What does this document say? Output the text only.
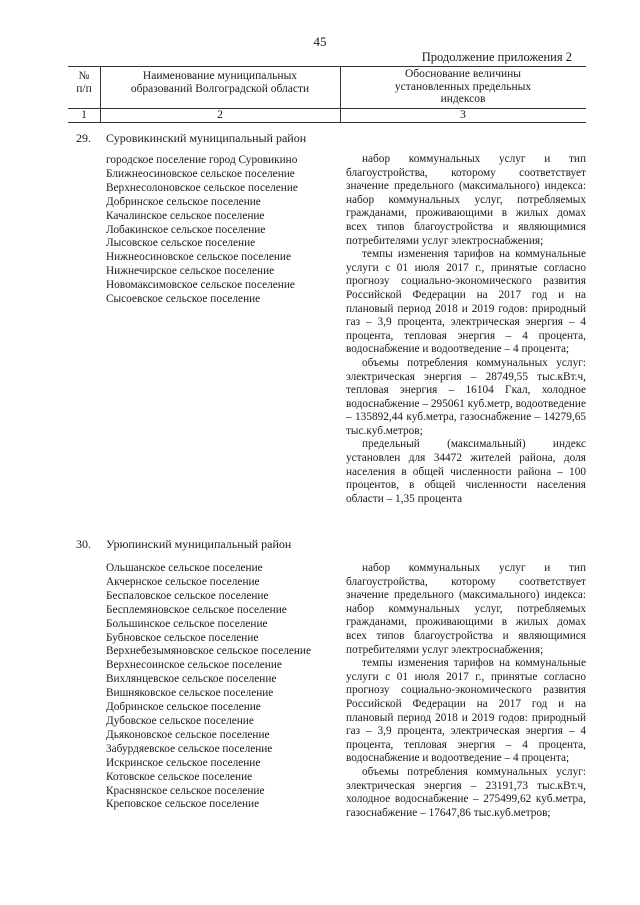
45
Продолжение приложения 2
№
п/п
Наименование муниципальных
образований Волгоградской области
Обоснование величины
установленных предельных
индексов
1	2	3
29. Суровикинский муниципальный район
городское поселение город Суровикино
Ближнеосиновское сельское поселение
Верхнесолоновское сельское поселение
Добринское сельское поселение
Качалинское сельское поселение
Лобакинское сельское поселение
Лысовское сельское поселение
Нижнеосиновское сельское поселение
Нижнечирское сельское поселение
Новомаксимовское сельское поселение
Сысоевское сельское поселение

набор коммунальных услуг и тип благоустройства, которому соответствует значение предельного (максимального) индекса: набор коммунальных услуг, потребляемых гражданами, проживающими в жилых домах всех типов благоустройства и являющимися потребителями услуг электроснабжения;

темпы изменения тарифов на коммунальные услуги с 01 июля 2017 г., принятые согласно прогнозу социально-экономического развития Российской Федерации на 2017 год и на плановый период 2018 и 2019 годов: природный газ – 3,9 процента, электрическая энергия – 4 процента, тепловая энергия – 4 процента, водоснабжение и водоотведение – 4 процента;

объемы потребления коммунальных услуг: электрическая энергия – 28749,55 тыс.кВт.ч, тепловая энергия – 16104 Гкал, холодное водоснабжение – 295061 куб.метр, водоотведение – 135892,44 куб.метра, газоснабжение – 14279,65 тыс.куб.метров;

предельный (максимальный) индекс установлен для 34472 жителей района, доля населения в общей численности района – 100 процентов, в общей численности населения области – 1,35 процента

30. Урюпинский муниципальный район
Ольшанское сельское поселение
Акчернское сельское поселение
Беспаловское сельское поселение
Бесплемяновское сельское поселение
Большинское сельское поселение
Бубновское сельское поселение
Верхнебезымяновское сельское поселение
Верхнесоинское сельское поселение
Вихлянцевское сельское поселение
Вишняковское сельское поселение
Добринское сельское поселение
Дубовское сельское поселение
Дьяконовское сельское поселение
Забурдяевское сельское поселение
Искринское сельское поселение
Котовское сельское поселение
Краснянское сельское поселение
Креповское сельское поселение

набор коммунальных услуг и тип благоустройства, которому соответствует значение предельного (максимального) индекса: набор коммунальных услуг, потребляемых гражданами, проживающими в жилых домах всех типов благоустройства и являющимися потребителями услуг электроснабжения;

темпы изменения тарифов на коммунальные услуги с 01 июля 2017 г., принятые согласно прогнозу социально-экономического развития Российской Федерации на 2017 год и на плановый период 2018 и 2019 годов: природный газ – 3,9 процента, электрическая энергия – 4 процента, тепловая энергия – 4 процента, водоснабжение и водоотведение – 4 процента;

объемы потребления коммунальных услуг: электрическая энергия – 23191,73 тыс.кВт.ч, холодное водоснабжение – 275499,62 куб.метра, газоснабжение – 17647,86 тыс.куб.метров;
